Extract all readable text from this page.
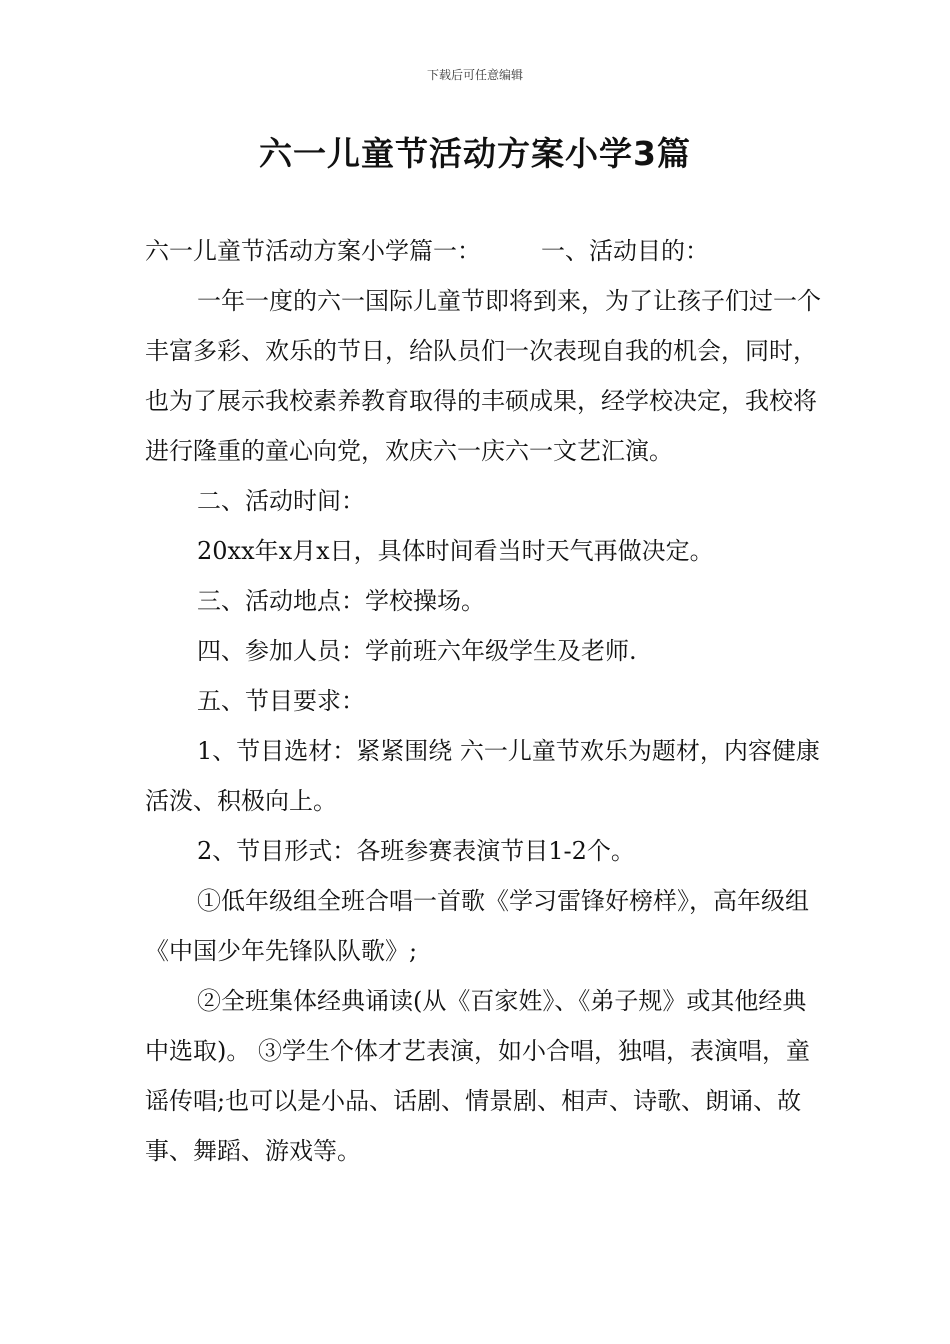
下载后可任意编辑
六一儿童节活动方案小学3篇

六一儿童节活动方案小学篇一：	一、活动目的：

一年一度的六一国际儿童节即将到来，为了让孩子们过一个丰富多彩、欢乐的节日，给队员们一次表现自我的机会，同时，也为了展示我校素养教育取得的丰硕成果，经学校决定，我校将进行隆重的童心向党，欢庆六一庆六一文艺汇演。

二、活动时间：

20xx年x月x日，具体时间看当时天气再做决定。

三、活动地点：学校操场。

四、参加人员：学前班六年级学生及老师.

五、节目要求：

1、节目选材：紧紧围绕 六一儿童节欢乐为题材，内容健康活泼、积极向上。

2、节目形式：各班参赛表演节目1-2个。

①低年级组全班合唱一首歌《学习雷锋好榜样》，高年级组《中国少年先锋队队歌》;

②全班集体经典诵读(从《百家姓》、《弟子规》或其他经典中选取)。 ③学生个体才艺表演，如小合唱，独唱，表演唱，童谣传唱;也可以是小品、话剧、情景剧、相声、诗歌、朗诵、故事、舞蹈、游戏等。
